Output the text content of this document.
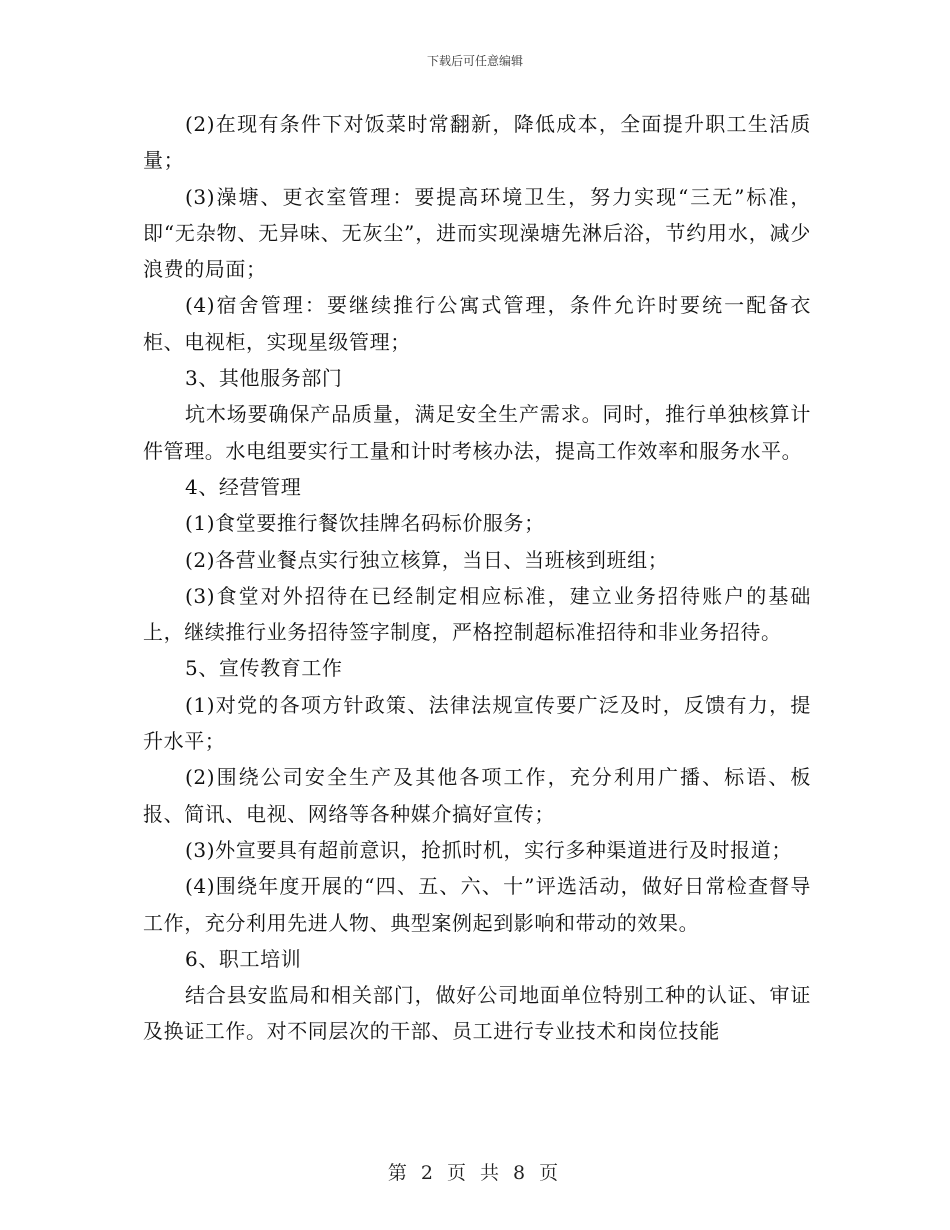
下载后可任意编辑

(2)在现有条件下对饭菜时常翻新，降低成本，全面提升职工生活质量；

(3)澡塘、更衣室管理：要提高环境卫生，努力实现“三无”标准，即“无杂物、无异味、无灰尘”，进而实现澡塘先淋后浴，节约用水，减少浪费的局面；

(4)宿舍管理：要继续推行公寓式管理，条件允许时要统一配备衣柜、电视柜，实现星级管理；

3、其他服务部门

坑木场要确保产品质量，满足安全生产需求。同时，推行单独核算计件管理。水电组要实行工量和计时考核办法，提高工作效率和服务水平。

4、经营管理

(1)食堂要推行餐饮挂牌名码标价服务；

(2)各营业餐点实行独立核算，当日、当班核到班组；

(3)食堂对外招待在已经制定相应标准，建立业务招待账户的基础上，继续推行业务招待签字制度，严格控制超标准招待和非业务招待。

5、宣传教育工作

(1)对党的各项方针政策、法律法规宣传要广泛及时，反馈有力，提升水平；

(2)围绕公司安全生产及其他各项工作，充分利用广播、标语、板报、简讯、电视、网络等各种媒介搞好宣传；

(3)外宣要具有超前意识，抢抓时机，实行多种渠道进行及时报道；

(4)围绕年度开展的“四、五、六、十”评选活动，做好日常检查督导工作，充分利用先进人物、典型案例起到影响和带动的效果。

6、职工培训

结合县安监局和相关部门，做好公司地面单位特别工种的认证、审证及换证工作。对不同层次的干部、员工进行专业技术和岗位技能

第 2 页 共 8 页
